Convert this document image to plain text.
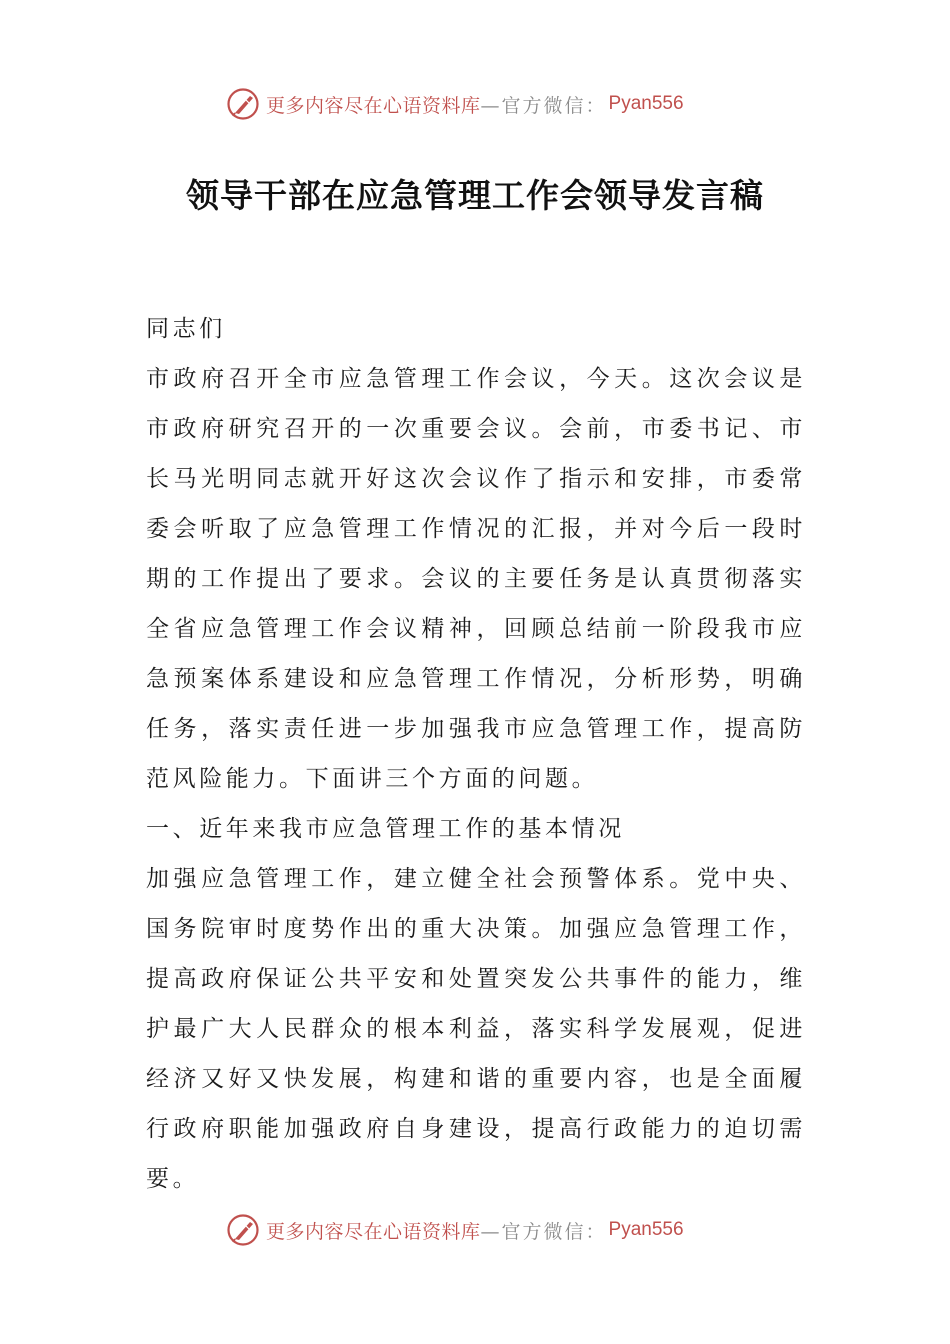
更多内容尽在心语资料库 —官方微信： Pyan556
领导干部在应急管理工作会领导发言稿

同志们

市政府召开全市应急管理工作会议，今天。这次会议是市政府研究召开的一次重要会议。会前，市委书记、市长马光明同志就开好这次会议作了指示和安排，市委常委会听取了应急管理工作情况的汇报，并对今后一段时期的工作提出了要求。会议的主要任务是认真贯彻落实全省应急管理工作会议精神，回顾总结前一阶段我市应急预案体系建设和应急管理工作情况，分析形势，明确任务，落实责任进一步加强我市应急管理工作，提高防范风险能力。下面讲三个方面的问题。

一、近年来我市应急管理工作的基本情况

加强应急管理工作，建立健全社会预警体系。党中央、国务院审时度势作出的重大决策。加强应急管理工作，提高政府保证公共平安和处置突发公共事件的能力，维护最广大人民群众的根本利益，落实科学发展观，促进经济又好又快发展，构建和谐的重要内容，也是全面履行政府职能加强政府自身建设，提高行政能力的迫切需要。

更多内容尽在心语资料库 —官方微信： Pyan556
